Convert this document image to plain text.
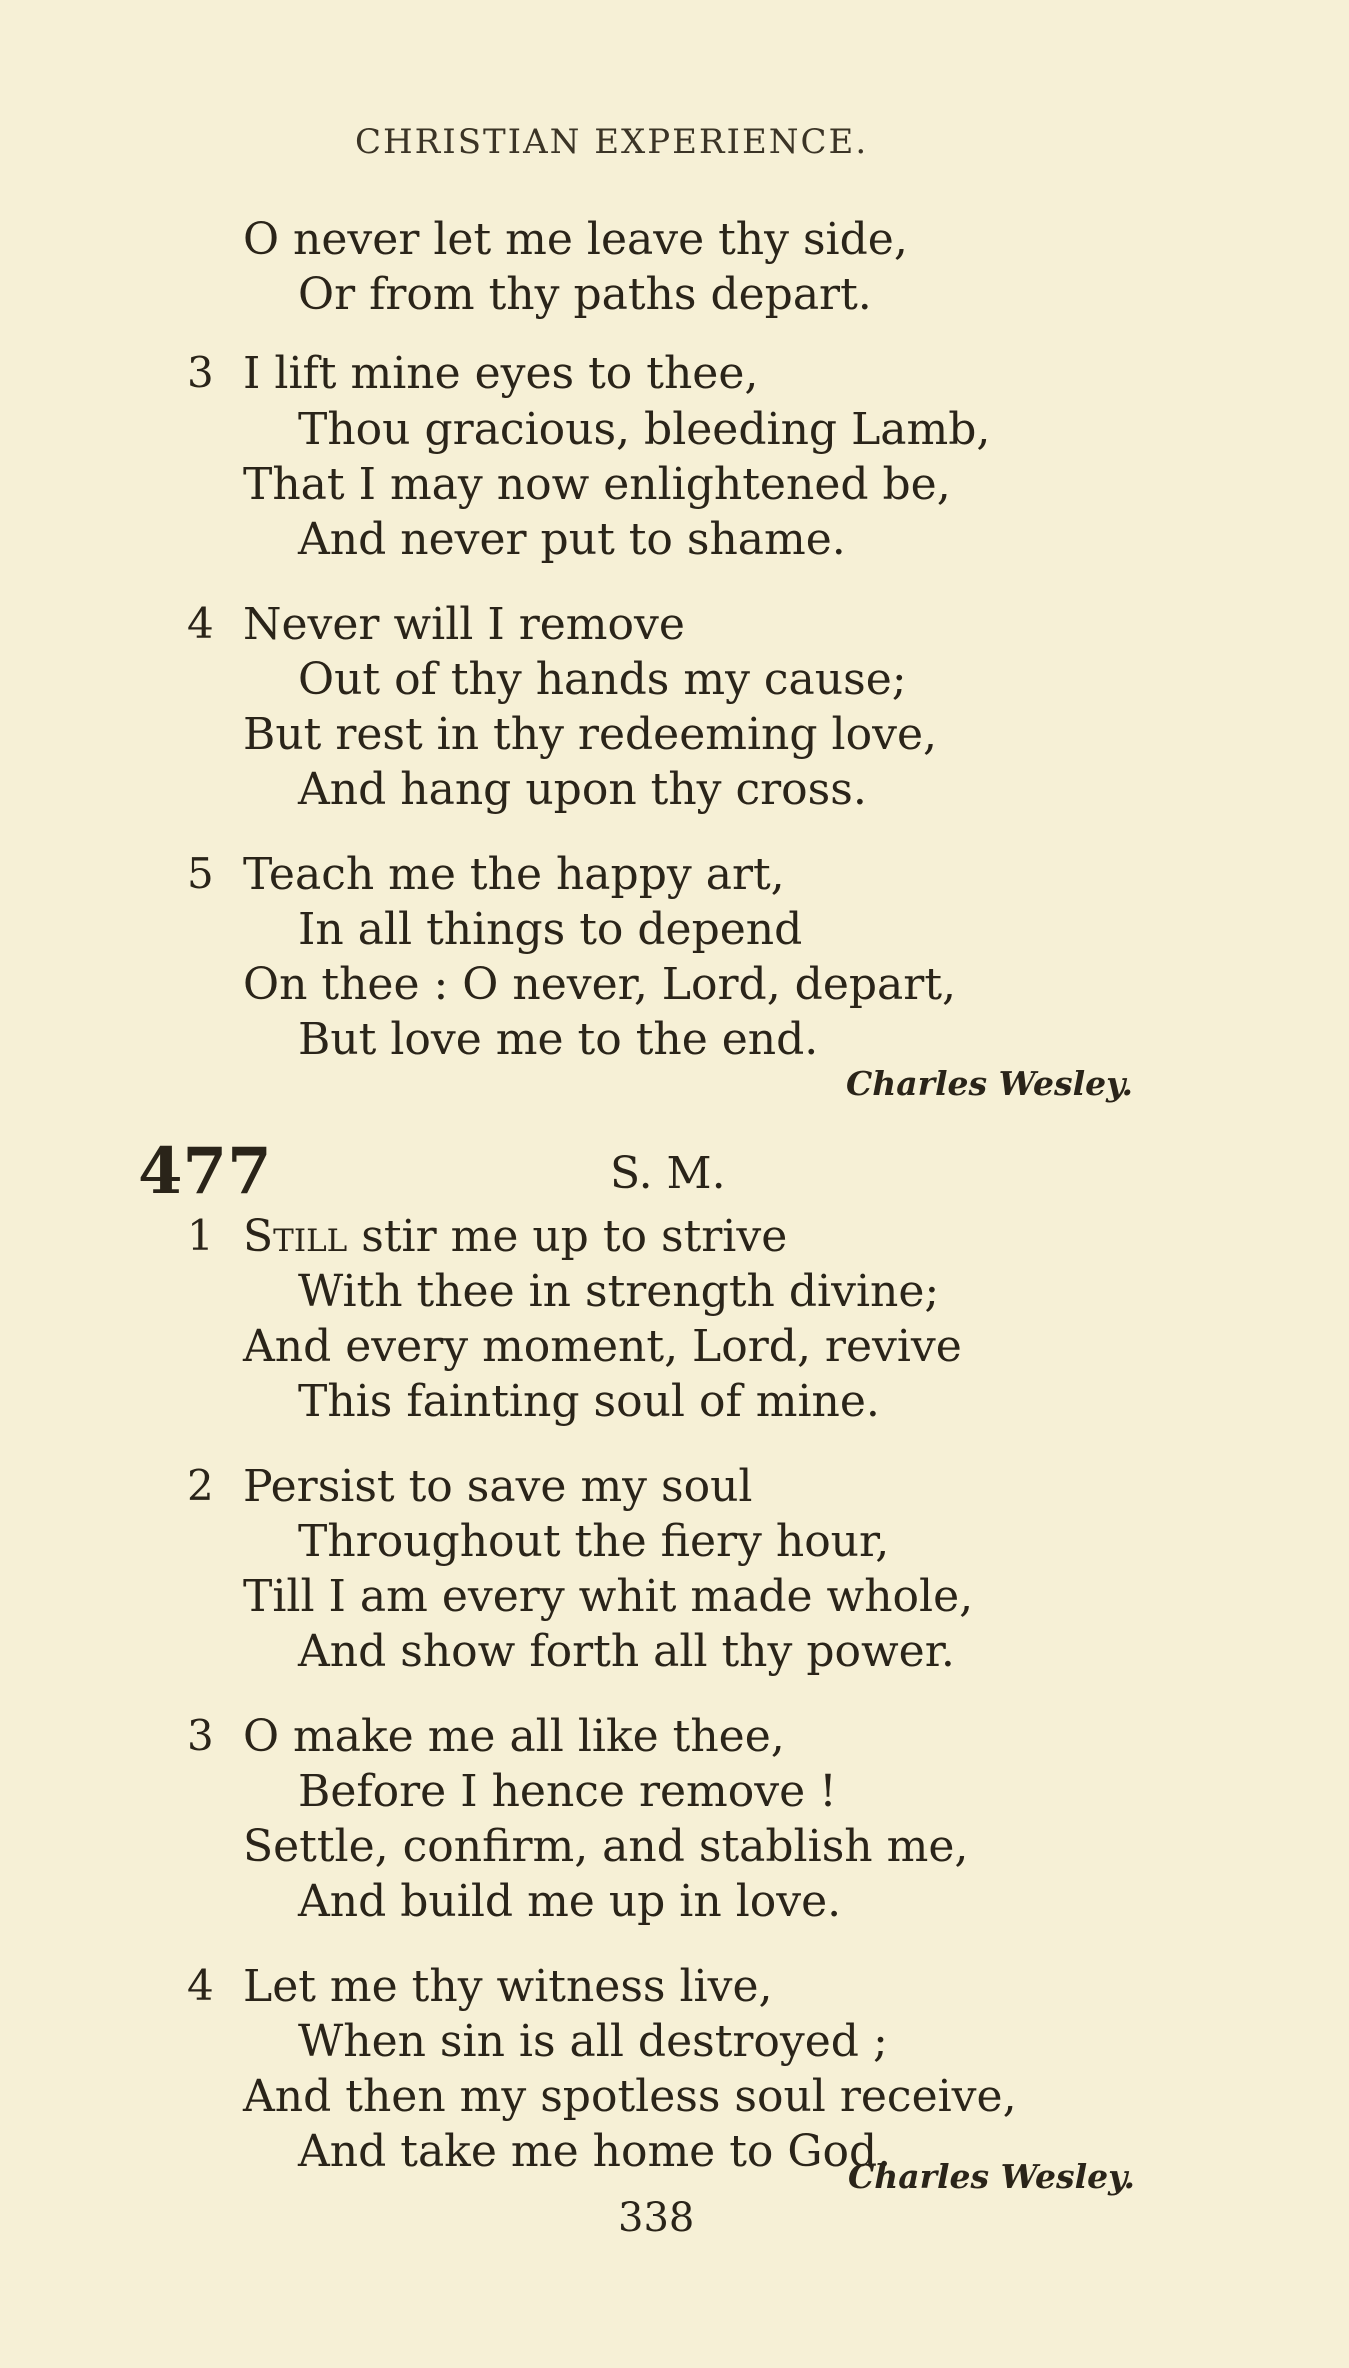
CHRISTIAN EXPERIENCE.
O never let me leave thy side,
Or from thy paths depart.
3 I lift mine eyes to thee,
Thou gracious, bleeding Lamb,
That I may now enlightened be,
And never put to shame.
4 Never will I remove
Out of thy hands my cause;
But rest in thy redeeming love,
And hang upon thy cross.
5 Teach me the happy art,
In all things to depend
On thee : O never, Lord, depart,
But love me to the end.
Charles Wesley.
477	S. M.
1 Still stir me up to strive
With thee in strength divine;
And every moment, Lord, revive
This fainting soul of mine.
2 Persist to save my soul
Throughout the fiery hour,
Till I am every whit made whole,
And show forth all thy power.
3 O make me all like thee,
Before I hence remove !
Settle, confirm, and stablish me,
And build me up in love.
4 Let me thy witness live,
When sin is all destroyed ;
And then my spotless soul receive,
And take me home to God.
Charles Wesley.
338
